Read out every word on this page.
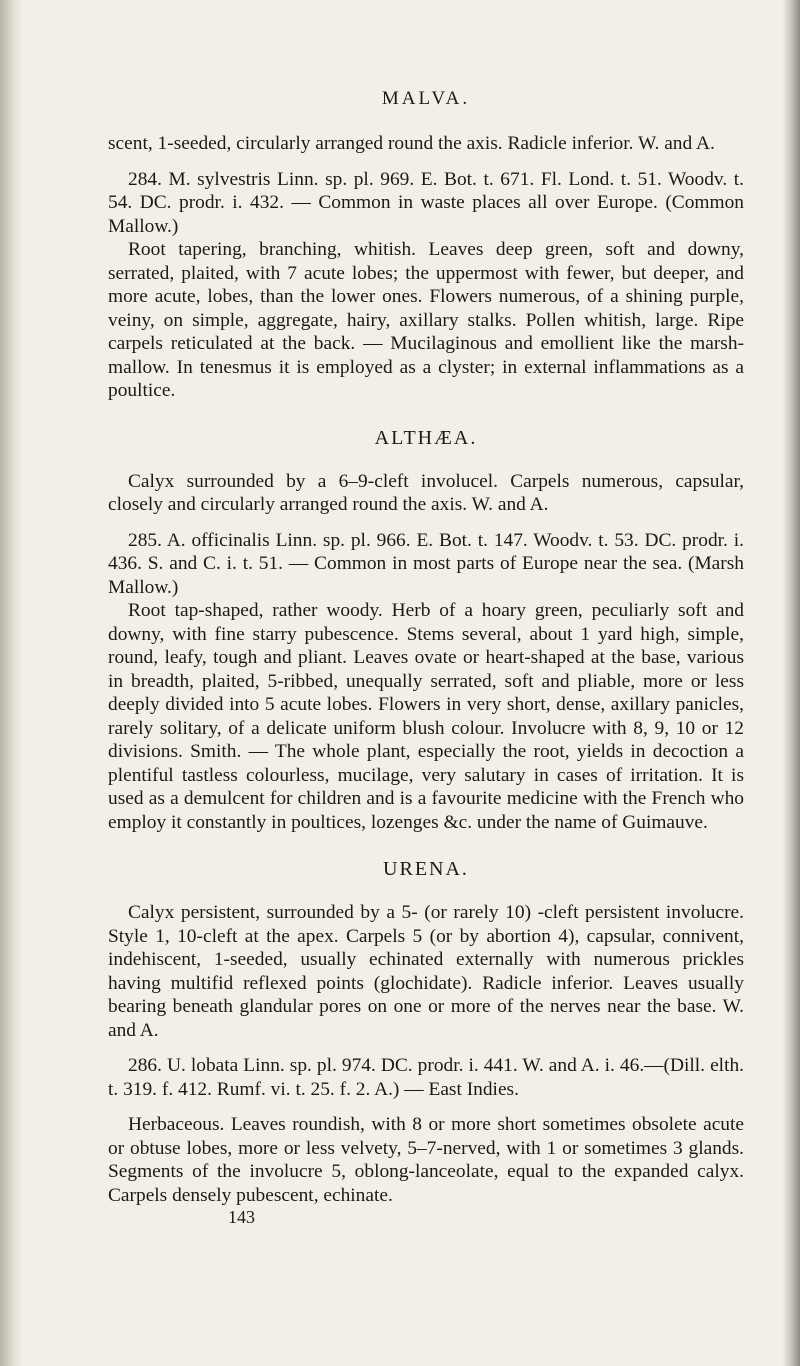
MALVA.

scent, 1-seeded, circularly arranged round the axis. Radicle inferior. W. and A.

284. M. sylvestris Linn. sp. pl. 969. E. Bot. t. 671. Fl. Lond. t. 51. Woodv. t. 54. DC. prodr. i. 432. — Common in waste places all over Europe. (Common Mallow.)

Root tapering, branching, whitish. Leaves deep green, soft and downy, serrated, plaited, with 7 acute lobes; the uppermost with fewer, but deeper, and more acute, lobes, than the lower ones. Flowers numerous, of a shining purple, veiny, on simple, aggregate, hairy, axillary stalks. Pollen whitish, large. Ripe carpels reticulated at the back. — Mucilaginous and emollient like the marsh-mallow. In tenesmus it is employed as a clyster; in external inflammations as a poultice.

ALTHÆA.

Calyx surrounded by a 6–9-cleft involucel. Carpels numerous, capsular, closely and circularly arranged round the axis. W. and A.

285. A. officinalis Linn. sp. pl. 966. E. Bot. t. 147. Woodv. t. 53. DC. prodr. i. 436. S. and C. i. t. 51. — Common in most parts of Europe near the sea. (Marsh Mallow.)

Root tap-shaped, rather woody. Herb of a hoary green, peculiarly soft and downy, with fine starry pubescence. Stems several, about 1 yard high, simple, round, leafy, tough and pliant. Leaves ovate or heart-shaped at the base, various in breadth, plaited, 5-ribbed, unequally serrated, soft and pliable, more or less deeply divided into 5 acute lobes. Flowers in very short, dense, axillary panicles, rarely solitary, of a delicate uniform blush colour. Involucre with 8, 9, 10 or 12 divisions. Smith. — The whole plant, especially the root, yields in decoction a plentiful tastless colourless, mucilage, very salutary in cases of irritation. It is used as a demulcent for children and is a favourite medicine with the French who employ it constantly in poultices, lozenges &c. under the name of Guimauve.

URENA.

Calyx persistent, surrounded by a 5- (or rarely 10) -cleft persistent involucre. Style 1, 10-cleft at the apex. Carpels 5 (or by abortion 4), capsular, connivent, indehiscent, 1-seeded, usually echinated externally with numerous prickles having multifid reflexed points (glochidate). Radicle inferior. Leaves usually bearing beneath glandular pores on one or more of the nerves near the base. W. and A.

286. U. lobata Linn. sp. pl. 974. DC. prodr. i. 441. W. and A. i. 46.—(Dill. elth. t. 319. f. 412. Rumf. vi. t. 25. f. 2. A.) — East Indies.

Herbaceous. Leaves roundish, with 8 or more short sometimes obsolete acute or obtuse lobes, more or less velvety, 5–7-nerved, with 1 or sometimes 3 glands. Segments of the involucre 5, oblong-lanceolate, equal to the expanded calyx. Carpels densely pubescent, echinate.

143
